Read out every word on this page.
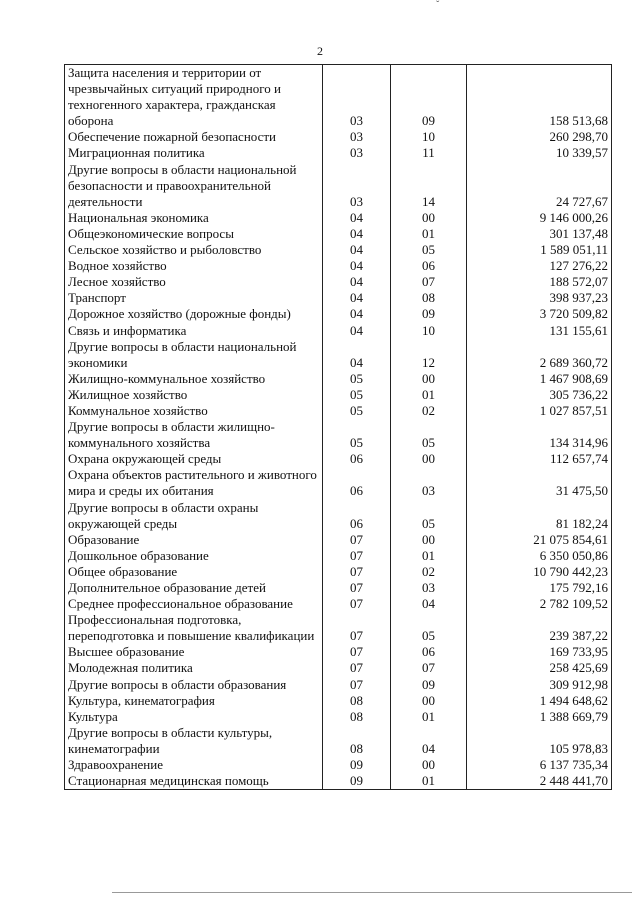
ˇ
2
Защита населения и территории от чрезвычайных ситуаций природного и техногенного характера, гражданская оборона	03	09	158 513,68
Обеспечение пожарной безопасности	03	10	260 298,70
Миграционная политика	03	11	10 339,57
Другие вопросы в области национальной безопасности и правоохранительной деятельности	03	14	24 727,67
Национальная экономика	04	00	9 146 000,26
Общеэкономические вопросы	04	01	301 137,48
Сельское хозяйство и рыболовство	04	05	1 589 051,11
Водное хозяйство	04	06	127 276,22
Лесное хозяйство	04	07	188 572,07
Транспорт	04	08	398 937,23
Дорожное хозяйство (дорожные фонды)	04	09	3 720 509,82
Связь и информатика	04	10	131 155,61
Другие вопросы в области национальной экономики	04	12	2 689 360,72
Жилищно-коммунальное хозяйство	05	00	1 467 908,69
Жилищное хозяйство	05	01	305 736,22
Коммунальное хозяйство	05	02	1 027 857,51
Другие вопросы в области жилищно-коммунального хозяйства	05	05	134 314,96
Охрана окружающей среды	06	00	112 657,74
Охрана объектов растительного и животного мира и среды их обитания	06	03	31 475,50
Другие вопросы в области охраны окружающей среды	06	05	81 182,24
Образование	07	00	21 075 854,61
Дошкольное образование	07	01	6 350 050,86
Общее образование	07	02	10 790 442,23
Дополнительное образование детей	07	03	175 792,16
Среднее профессиональное образование	07	04	2 782 109,52
Профессиональная подготовка, переподготовка и повышение квалификации	07	05	239 387,22
Высшее образование	07	06	169 733,95
Молодежная политика	07	07	258 425,69
Другие вопросы в области образования	07	09	309 912,98
Культура, кинематография	08	00	1 494 648,62
Культура	08	01	1 388 669,79
Другие вопросы в области культуры, кинематографии	08	04	105 978,83
Здравоохранение	09	00	6 137 735,34
Стационарная медицинская помощь	09	01	2 448 441,70
